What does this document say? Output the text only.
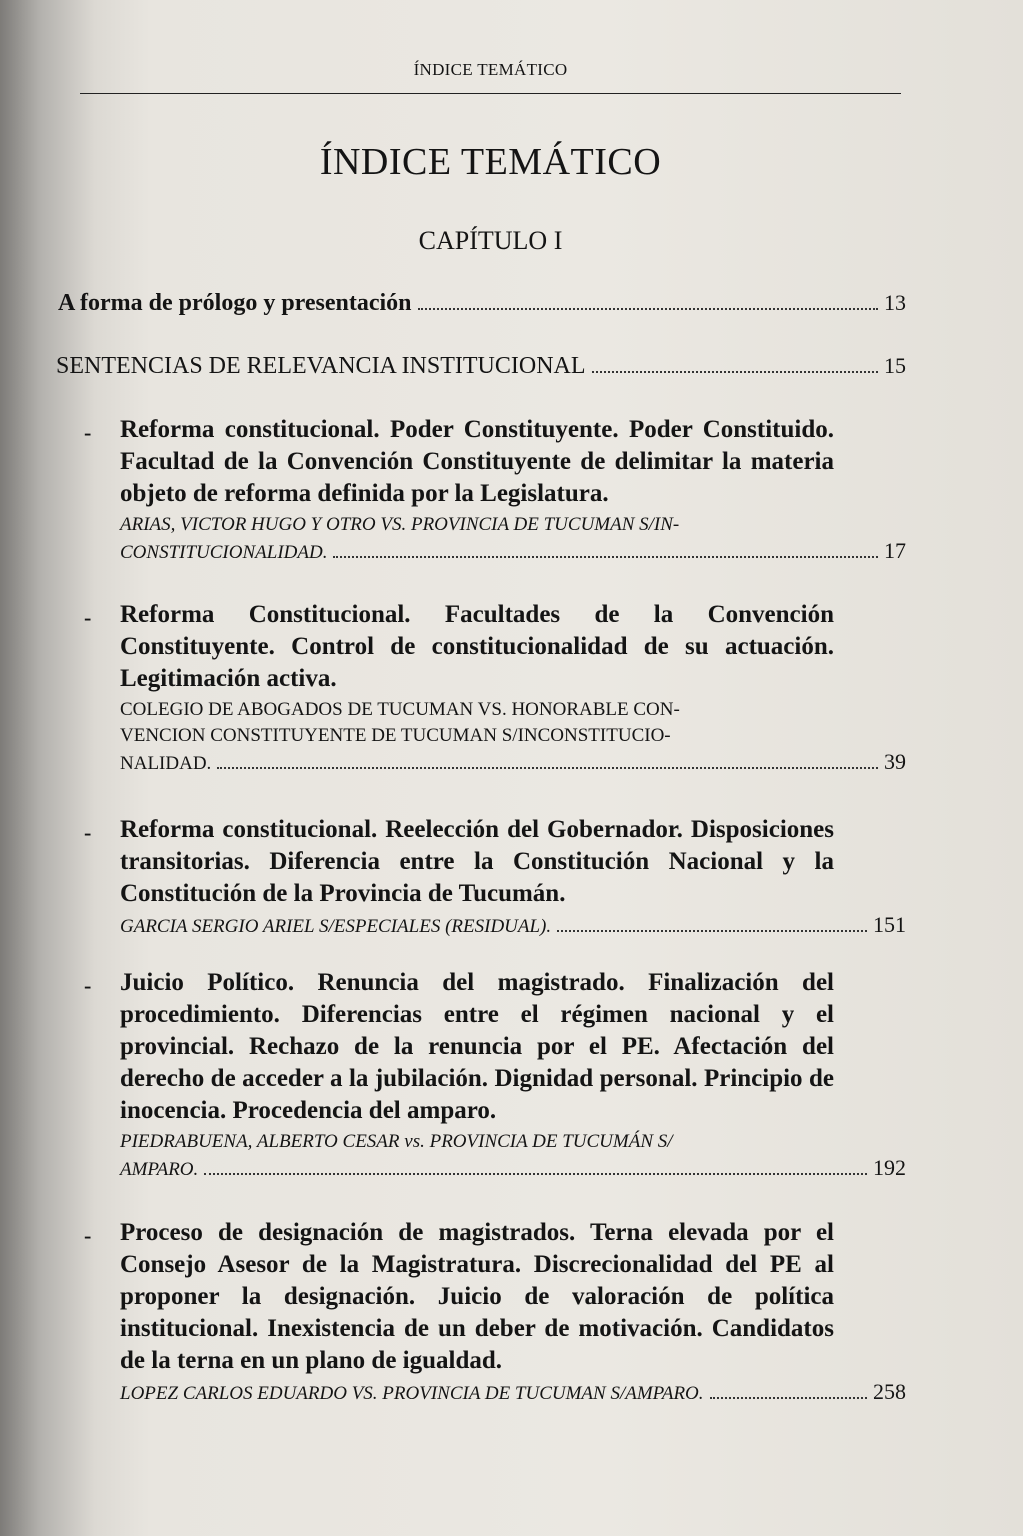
ÍNDICE TEMÁTICO
ÍNDICE TEMÁTICO
CAPÍTULO I
A forma de prólogo y presentación	13
SENTENCIAS DE RELEVANCIA INSTITUCIONAL	15
- Reforma constitucional. Poder Constituyente. Poder Constituido. Facultad de la Convención Constituyente de delimitar la materia objeto de reforma definida por la Legislatura.
ARIAS, VICTOR HUGO Y OTRO VS. PROVINCIA DE TUCUMAN S/IN-
CONSTITUCIONALIDAD.	17
- Reforma Constitucional. Facultades de la Convención Constituyente. Control de constitucionalidad de su actuación. Legitimación activa.
COLEGIO DE ABOGADOS DE TUCUMAN VS. HONORABLE CON-
VENCION CONSTITUYENTE DE TUCUMAN S/INCONSTITUCIO-
NALIDAD.	39
- Reforma constitucional. Reelección del Gobernador. Disposiciones transitorias. Diferencia entre la Constitución Nacional y la Constitución de la Provincia de Tucumán.
GARCIA SERGIO ARIEL S/ESPECIALES (RESIDUAL).	151
- Juicio Político. Renuncia del magistrado. Finalización del procedimiento. Diferencias entre el régimen nacional y el provincial. Rechazo de la renuncia por el PE. Afectación del derecho de acceder a la jubilación. Dignidad personal. Principio de inocencia. Procedencia del amparo.
PIEDRABUENA, ALBERTO CESAR vs. PROVINCIA DE TUCUMÁN S/
AMPARO.	192
- Proceso de designación de magistrados. Terna elevada por el Consejo Asesor de la Magistratura. Discrecionalidad del PE al proponer la designación. Juicio de valoración de política institucional. Inexistencia de un deber de motivación. Candidatos de la terna en un plano de igualdad.
LOPEZ CARLOS EDUARDO VS. PROVINCIA DE TUCUMAN S/AMPARO.	258
